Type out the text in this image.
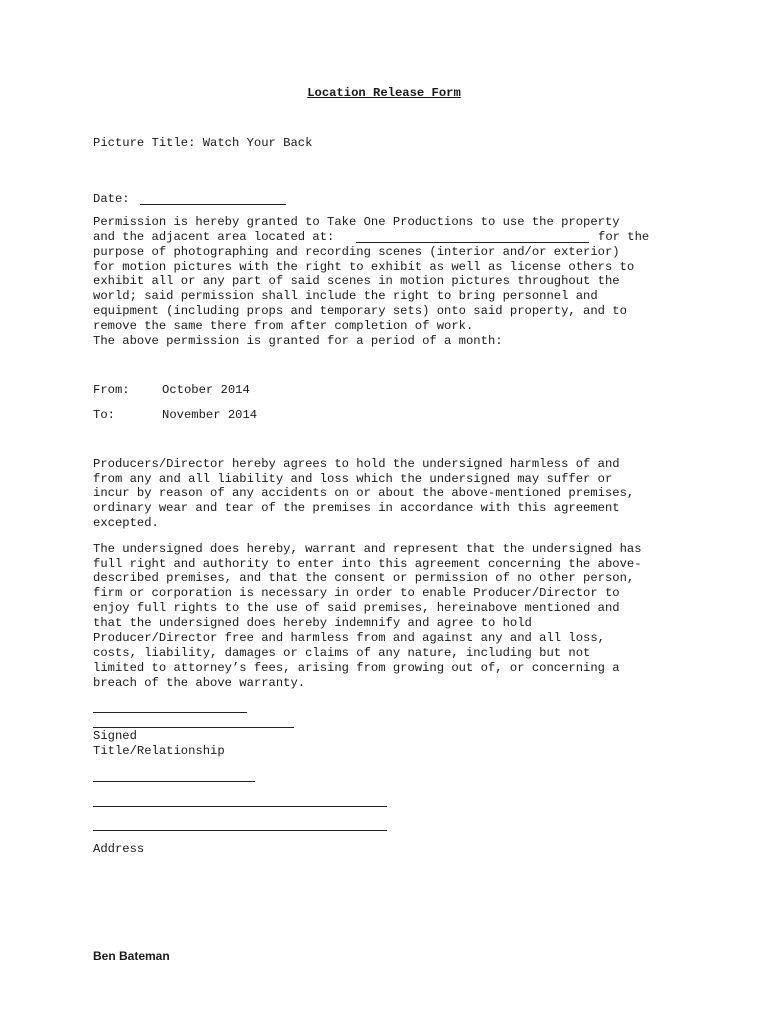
Location Release Form
Picture Title: Watch Your Back
Date:
Permission is hereby granted to Take One Productions to use the property
and the adjacent area located at:	for the
purpose of photographing and recording scenes (interior and/or exterior)
for motion pictures with the right to exhibit as well as license others to
exhibit all or any part of said scenes in motion pictures throughout the
world; said permission shall include the right to bring personnel and
equipment (including props and temporary sets) onto said property, and to
remove the same there from after completion of work.
The above permission is granted for a period of a month:
From:	October 2014
To:	November 2014
Producers/Director hereby agrees to hold the undersigned harmless of and
from any and all liability and loss which the undersigned may suffer or
incur by reason of any accidents on or about the above-mentioned premises,
ordinary wear and tear of the premises in accordance with this agreement
excepted.
The undersigned does hereby, warrant and represent that the undersigned has
full right and authority to enter into this agreement concerning the above-
described premises, and that the consent or permission of no other person,
firm or corporation is necessary in order to enable Producer/Director to
enjoy full rights to the use of said premises, hereinabove mentioned and
that the undersigned does hereby indemnify and agree to hold
Producer/Director free and harmless from and against any and all loss,
costs, liability, damages or claims of any nature, including but not
limited to attorney’s fees, arising from growing out of, or concerning a
breach of the above warranty.
Signed
Title/Relationship
Address
Ben Bateman
